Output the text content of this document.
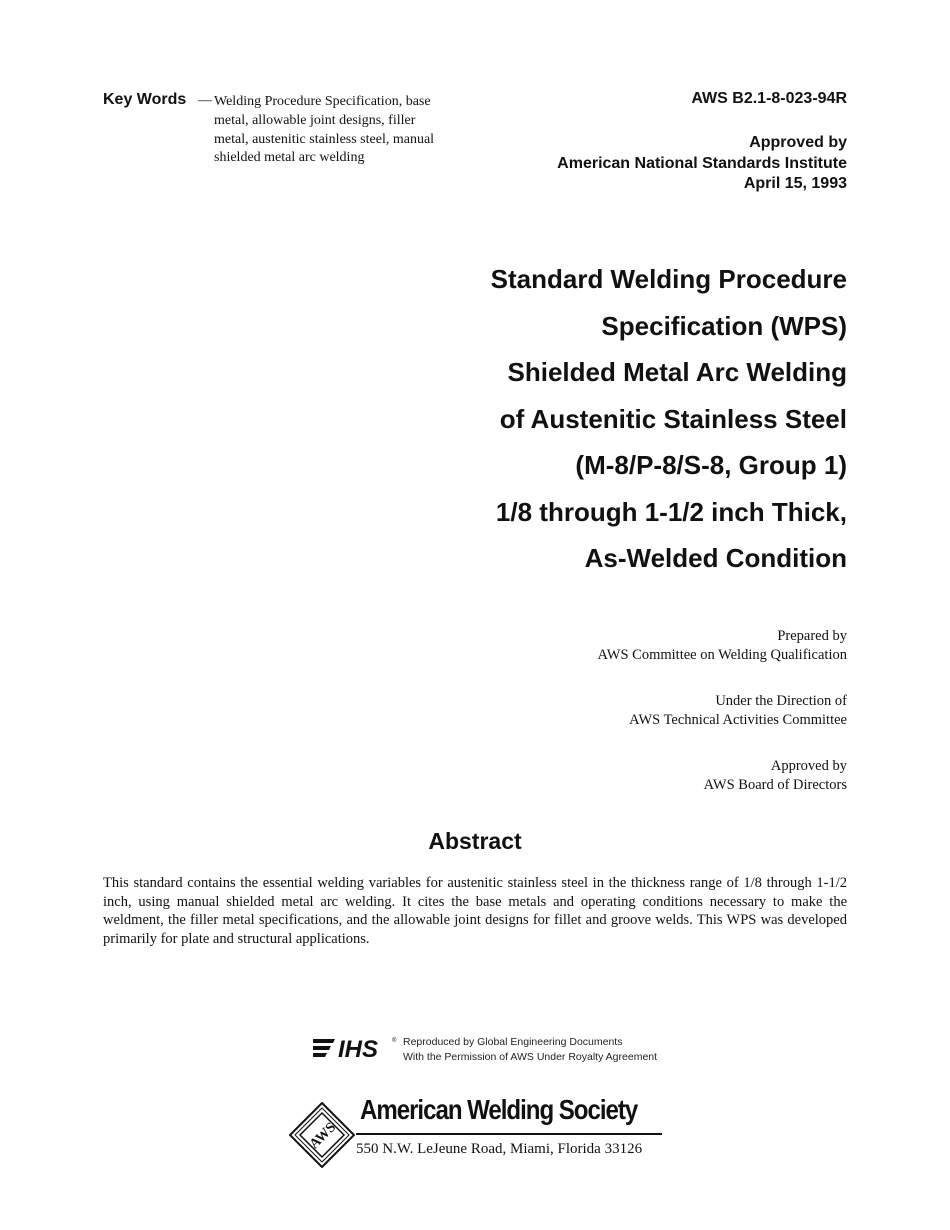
Key Words — Welding Procedure Specification, base metal, allowable joint designs, filler metal, austenitic stainless steel, manual shielded metal arc welding
AWS B2.1-8-023-94R
Approved by
American National Standards Institute
April 15, 1993
Standard Welding Procedure
Specification (WPS)
Shielded Metal Arc Welding
of Austenitic Stainless Steel
(M-8/P-8/S-8, Group 1)
1/8 through 1-1/2 inch Thick,
As-Welded Condition
Prepared by
AWS Committee on Welding Qualification
Under the Direction of
AWS Technical Activities Committee
Approved by
AWS Board of Directors
Abstract
This standard contains the essential welding variables for austenitic stainless steel in the thickness range of 1/8 through 1-1/2 inch, using manual shielded metal arc welding. It cites the base metals and operating conditions necessary to make the weldment, the filler metal specifications, and the allowable joint designs for fillet and groove welds. This WPS was developed primarily for plate and structural applications.
IHS ® Reproduced by Global Engineering Documents
With the Permission of AWS Under Royalty Agreement
AWS
American Welding Society
550 N.W. LeJeune Road, Miami, Florida 33126
